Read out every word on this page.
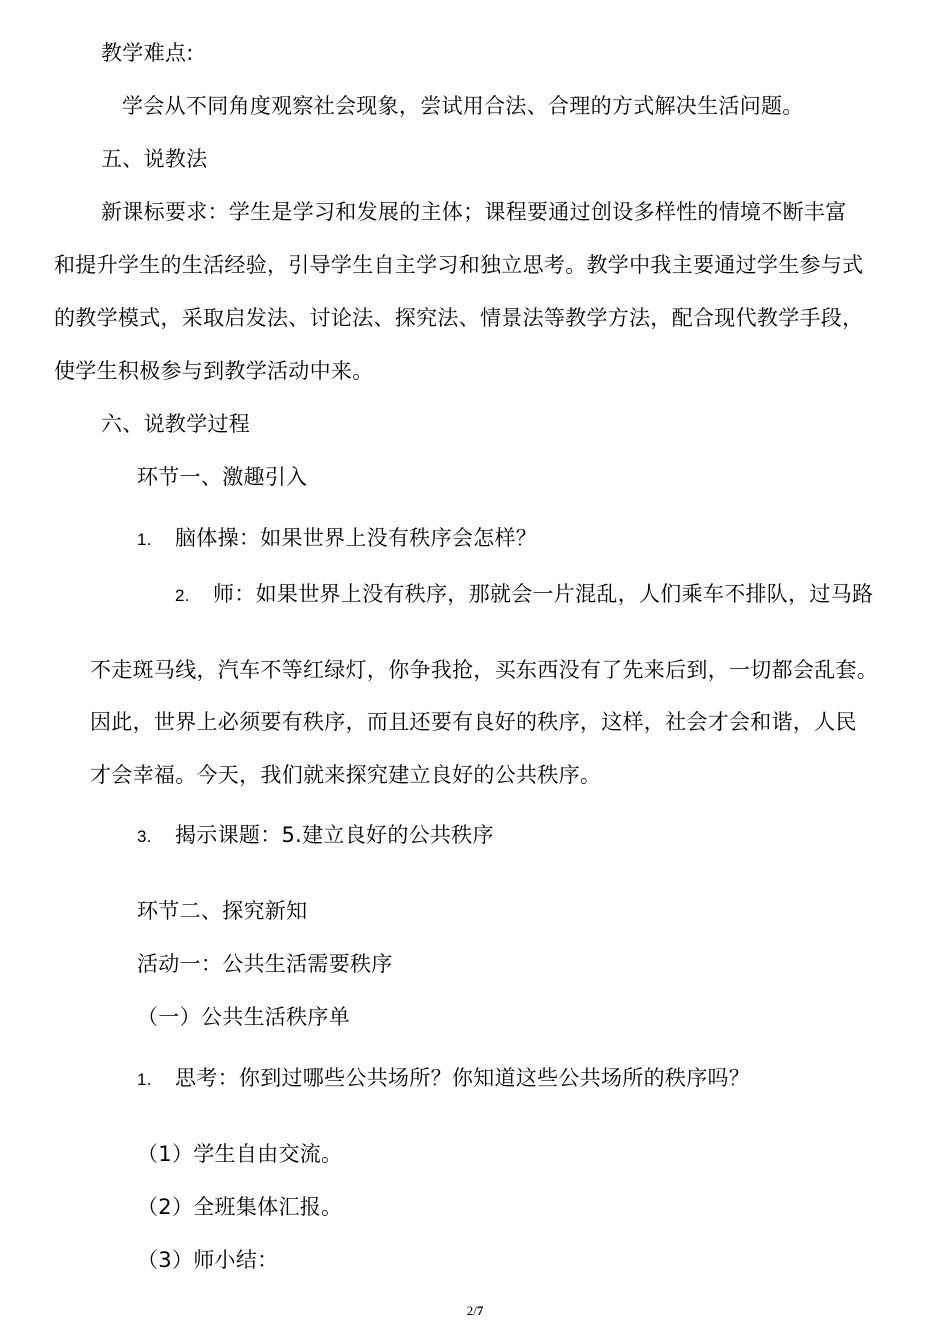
教学难点:
学会从不同角度观察社会现象，尝试用合法、合理的方式解决生活问题。
五、说教法
新课标要求：学生是学习和发展的主体；课程要通过创设多样性的情境不断丰富
和提升学生的生活经验，引导学生自主学习和独立思考。教学中我主要通过学生参与式
的教学模式，采取启发法、讨论法、探究法、情景法等教学方法，配合现代教学手段，
使学生积极参与到教学活动中来。
六、说教学过程
环节一、激趣引入
1. 脑体操：如果世界上没有秩序会怎样？
2. 师：如果世界上没有秩序，那就会一片混乱，人们乘车不排队，过马路
不走斑马线，汽车不等红绿灯，你争我抢，买东西没有了先来后到，一切都会乱套。
因此，世界上必须要有秩序，而且还要有良好的秩序，这样，社会才会和谐，人民
才会幸福。今天，我们就来探究建立良好的公共秩序。
3. 揭示课题：5.建立良好的公共秩序
环节二、探究新知
活动一：公共生活需要秩序
（一）公共生活秩序单
1. 思考：你到过哪些公共场所？你知道这些公共场所的秩序吗？
（1）学生自由交流。
（2）全班集体汇报。
（3）师小结：
2/7
